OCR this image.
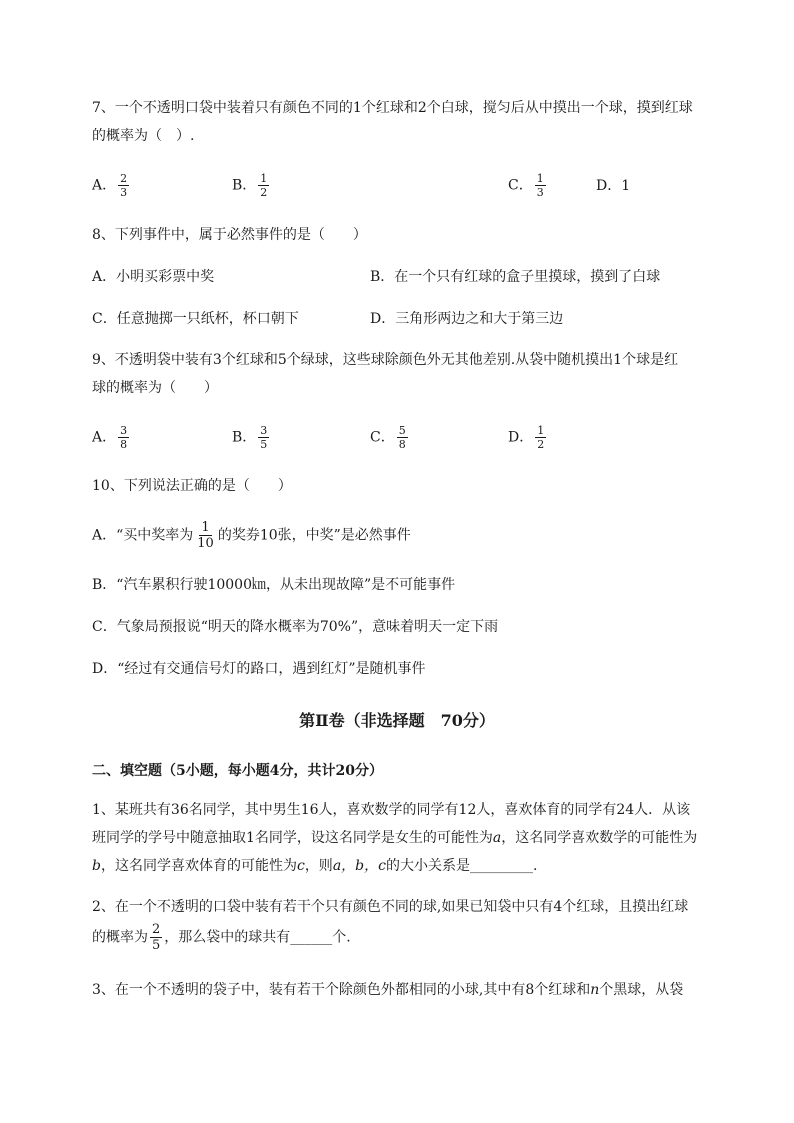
7、一个不透明口袋中装着只有颜色不同的1个红球和2个白球，搅匀后从中摸出一个球，摸到红球
的概率为（　）.
A． $\frac{2}{3}$	B． $\frac{1}{2}$	C． $\frac{1}{3}$	D．1
8、下列事件中，属于必然事件的是（　　）
A．小明买彩票中奖	B．在一个只有红球的盒子里摸球，摸到了白球
C．任意抛掷一只纸杯，杯口朝下	D．三角形两边之和大于第三边
9、不透明袋中装有3个红球和5个绿球，这些球除颜色外无其他差别.从袋中随机摸出1个球是红
球的概率为（　　）
A． $\frac{3}{8}$	B． $\frac{3}{5}$	C． $\frac{5}{8}$	D． $\frac{1}{2}$
10、下列说法正确的是（　　）
A．“买中奖率为 $\frac{1}{10}$ 的奖券10张，中奖”是必然事件
B．“汽车累积行驶10000㎞，从未出现故障”是不可能事件
C．气象局预报说“明天的降水概率为70%”，意味着明天一定下雨
D．“经过有交通信号灯的路口，遇到红灯”是随机事件
第Ⅱ卷（非选择题　70分）
二、填空题（5小题，每小题4分，共计20分）
1、某班共有36名同学，其中男生16人，喜欢数学的同学有12人，喜欢体育的同学有24人．从该
班同学的学号中随意抽取1名同学，设这名同学是女生的可能性为a，这名同学喜欢数学的可能性为
b，这名同学喜欢体育的可能性为c，则a，b，c的大小关系是_________.
2、在一个不透明的口袋中装有若干个只有颜色不同的球,如果已知袋中只有4个红球，且摸出红球
的概率为 $\frac{2}{5}$ ，那么袋中的球共有______个.
3、在一个不透明的袋子中，装有若干个除颜色外都相同的小球,其中有8个红球和n个黑球，从袋
